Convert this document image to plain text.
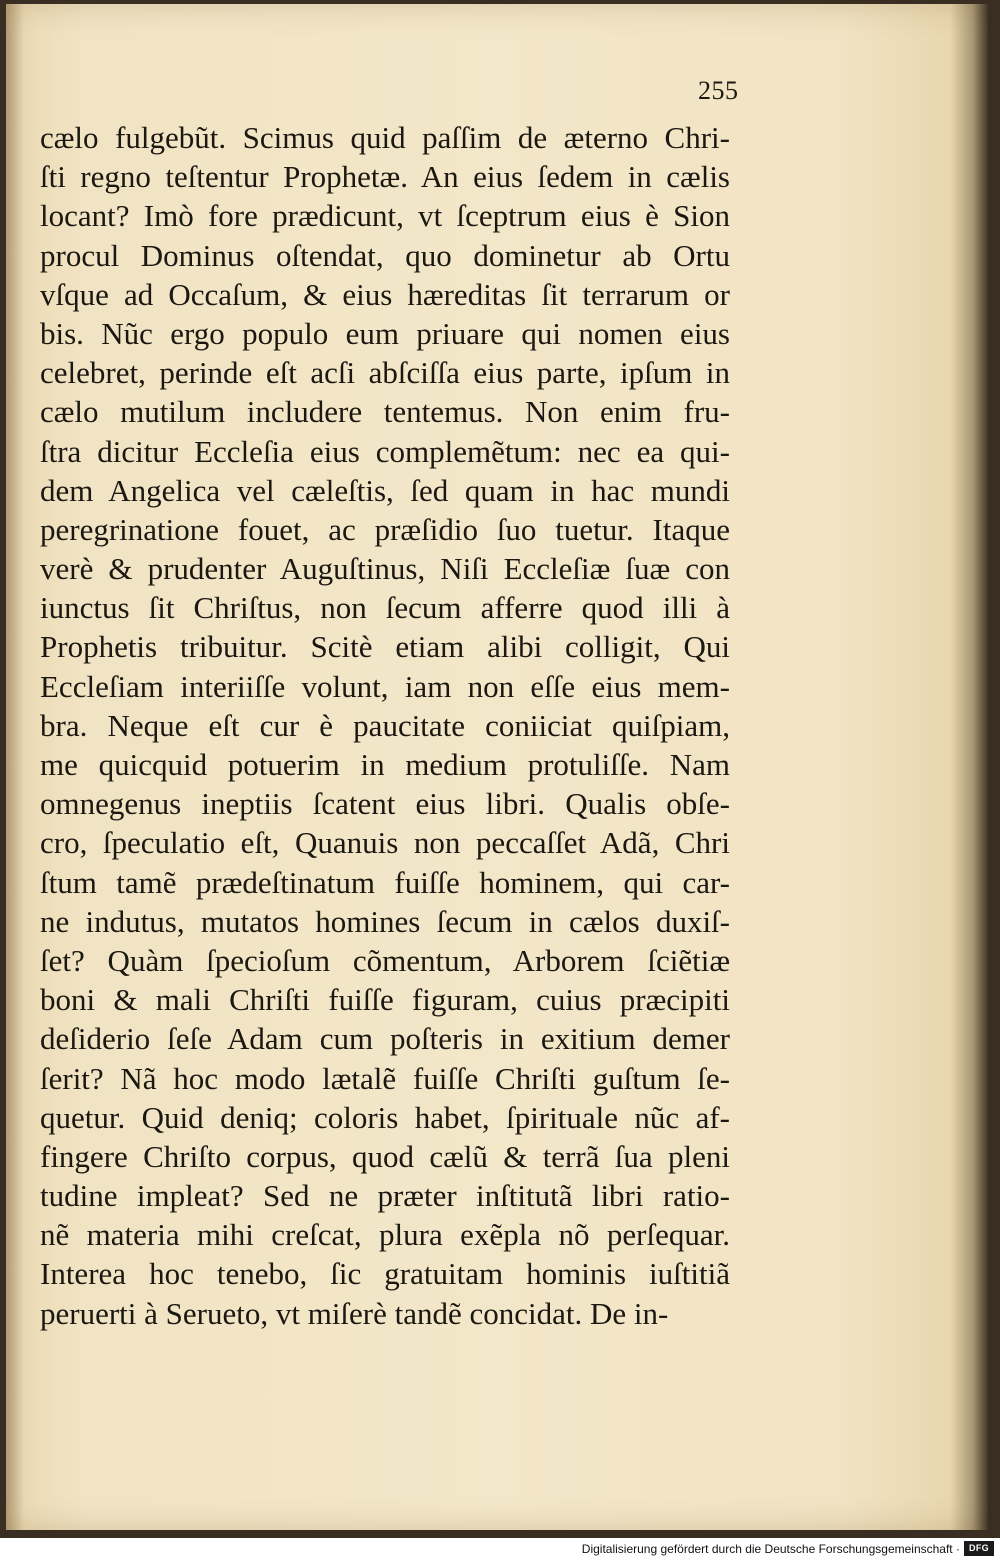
255
cælo fulgebũt. Scimus quid paſſim de æterno Chri-
ſti regno teſtentur Prophetæ. An eius ſedem in cælis
locant? Imò fore prædicunt, vt ſceptrum eius è Sion
procul Dominus oſtendat, quo dominetur ab Ortu
vſque ad Occaſum, & eius hæreditas ſit terrarum or
bis. Nũc ergo populo eum priuare qui nomen eius
celebret, perinde eſt acſi abſciſſa eius parte, ipſum in
cælo mutilum includere tentemus. Non enim fru-
ſtra dicitur Eccleſia eius complemẽtum: nec ea qui-
dem Angelica vel cæleſtis, ſed quam in hac mundi
peregrinatione fouet, ac præſidio ſuo tuetur. Itaque
verè & prudenter Auguſtinus, Niſi Eccleſiæ ſuæ con
iunctus ſit Chriſtus, non ſecum afferre quod illi à
Prophetis tribuitur. Scitè etiam alibi colligit, Qui
Eccleſiam interiiſſe volunt, iam non eſſe eius mem-
bra. Neque eſt cur è paucitate coniiciat quiſpiam,
me quicquid potuerim in medium protuliſſe. Nam
omnegenus ineptiis ſcatent eius libri. Qualis obſe-
cro, ſpeculatio eſt, Quanuis non peccaſſet Adã, Chri
ſtum tamẽ prædeſtinatum fuiſſe hominem, qui car-
ne indutus, mutatos homines ſecum in cælos duxiſ-
ſet? Quàm ſpecioſum cõmentum, Arborem ſciẽtiæ
boni & mali Chriſti fuiſſe figuram, cuius præcipiti
deſiderio ſeſe Adam cum poſteris in exitium demer
ſerit? Nã hoc modo lætalẽ fuiſſe Chriſti guſtum ſe-
quetur. Quid deniq; coloris habet, ſpirituale nũc af-
fingere Chriſto corpus, quod cælũ & terrã ſua pleni
tudine impleat? Sed ne præter inſtitutã libri ratio-
nẽ materia mihi creſcat, plura exẽpla nõ perſequar.
Interea hoc tenebo, ſic gratuitam hominis iuſtitiã
peruerti à Serueto, vt miſerè tandẽ concidat. De in-
Digitalisierung gefördert durch die Deutsche Forschungsgemeinschaft ·	DFG
